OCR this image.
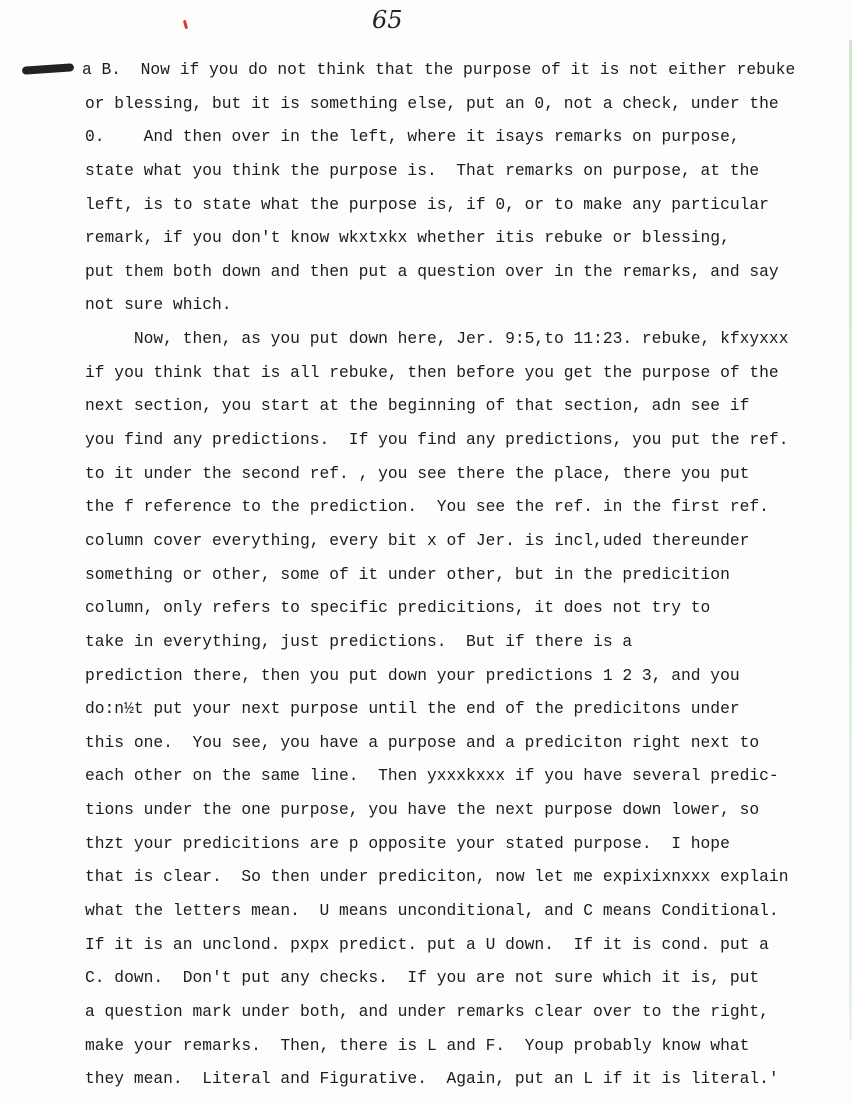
65
a B.  Now if you do not think that the purpose of it is not either rebuke
or blessing, but it is something else, put an 0, not a check, under the
0.    And then over in the left, where it isays remarks on purpose,
state what you think the purpose is.  That remarks on purpose, at the
left, is to state what the purpose is, if 0, or to make any particular
remark, if you don't know wkxtxkx whether itis rebuke or blessing,
put them both down and then put a question over in the remarks, and say
not sure which.
Now, then, as you put down here, Jer. 9:5,to 11:23. rebuke, kfxyxxx
if you think that is all rebuke, then before you get the purpose of the
next section, you start at the beginning of that section, adn see if
you find any predictions.  If you find any predictions, you put the ref.
to it under the second ref. , you see there the place, there you put
the f reference to the prediction.  You see the ref. in the first ref.
column cover everything, every bit x of Jer. is incl,uded thereunder
something or other, some of it under other, but in the predicition
column, only refers to specific predicitions, it does not try to
take in everything, just predictions.  But if there is a
prediction there, then you put down your predictions 1 2 3, and you
do:n½t put your next purpose until the end of the predicitons under
this one.  You see, you have a purpose and a prediciton right next to
each other on the same line.  Then yxxxkxxx if you have several predic-
tions under the one purpose, you have the next purpose down lower, so
thzt your predicitions are p opposite your stated purpose.  I hope
that is clear.  So then under prediciton, now let me expixixnxxx explain
what the letters mean.  U means unconditional, and C means Conditional.
If it is an unclond. pxpx predict. put a U down.  If it is cond. put a
C. down.  Don't put any checks.  If you are not sure which it is, put
a question mark under both, and under remarks clear over to the right,
make your remarks.  Then, there is L and F.  Youp probably know what
they mean.  Literal and Figurative.  Again, put an L if it is literal.'
